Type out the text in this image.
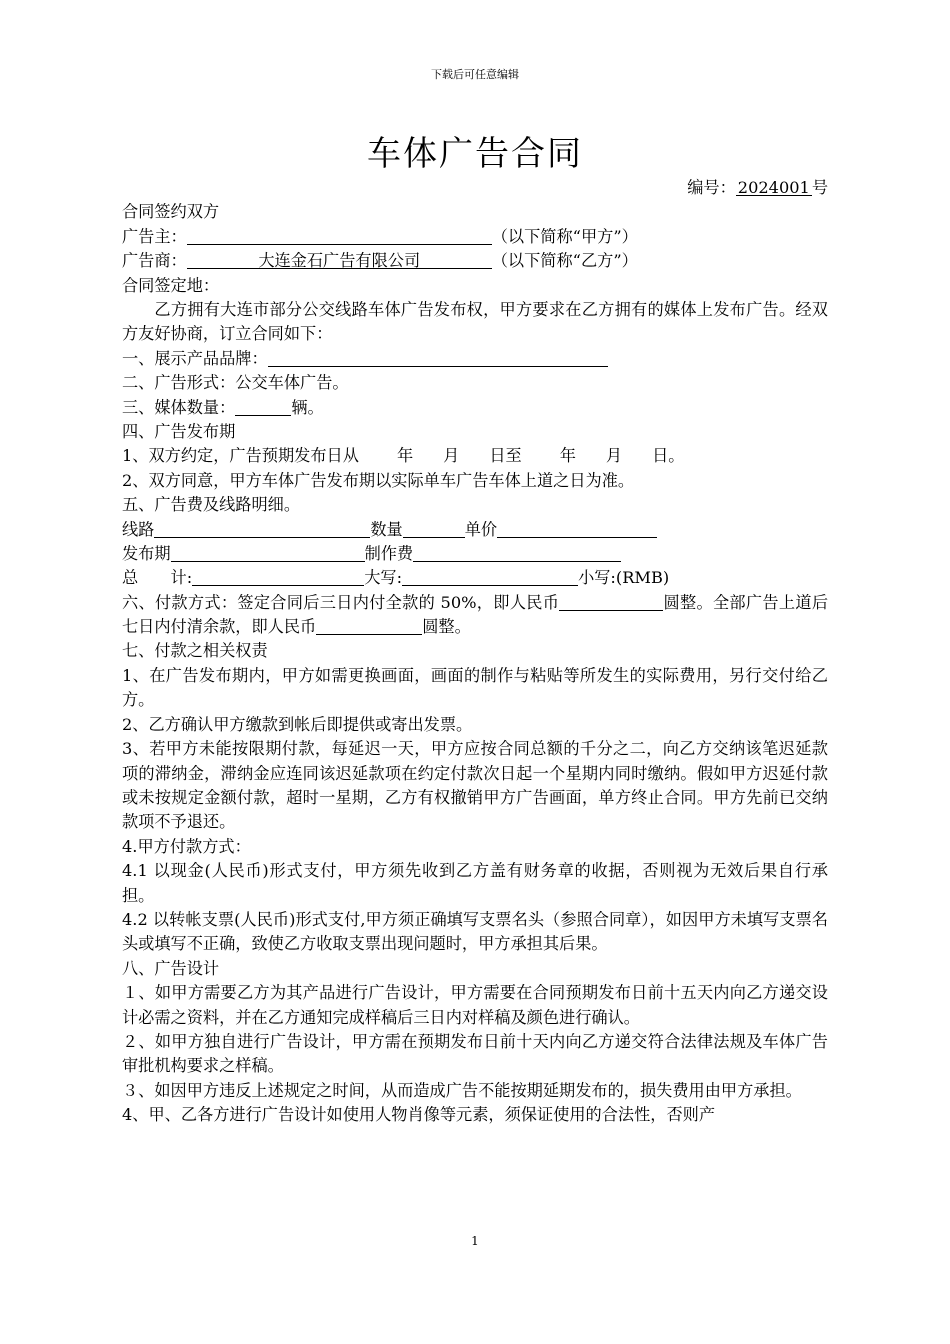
下载后可任意编辑
车体广告合同
编号： 2024001 号
合同签约双方
广告主：	（以下简称“甲方”）
广告商：	大连金石广告有限公司	（以下简称“乙方”）
合同签定地：
乙方拥有大连市部分公交线路车体广告发布权，甲方要求在乙方拥有的媒体上发布广告。经双方友好协商，订立合同如下：
一、展示产品品牌：
二、广告形式：公交车体广告。
三、媒体数量：	辆。
四、广告发布期
1、双方约定，广告预期发布日从 年 月 日至 年 月 日。
2、双方同意，甲方车体广告发布期以实际单车广告车体上道之日为准。
五、广告费及线路明细。
线路	数量	单价
发布期	制作费
总　　计:	大写:	小写:(RMB)
六、付款方式：签定合同后三日内付全款的 50%，即人民币	圆整。全部广告上道后七日内付清余款，即人民币	圆整。
七、付款之相关权责
1、在广告发布期内，甲方如需更换画面，画面的制作与粘贴等所发生的实际费用，另行交付给乙方。
2、乙方确认甲方缴款到帐后即提供或寄出发票。
3、若甲方未能按限期付款，每延迟一天，甲方应按合同总额的千分之二，向乙方交纳该笔迟延款项的滞纳金，滞纳金应连同该迟延款项在约定付款次日起一个星期内同时缴纳。假如甲方迟延付款或未按规定金额付款，超时一星期，乙方有权撤销甲方广告画面，单方终止合同。甲方先前已交纳款项不予退还。
4.甲方付款方式：
4.1 以现金(人民币)形式支付，甲方须先收到乙方盖有财务章的收据，否则视为无效后果自行承担。
4.2 以转帐支票(人民币)形式支付,甲方须正确填写支票名头（参照合同章），如因甲方未填写支票名头或填写不正确，致使乙方收取支票出现问题时，甲方承担其后果。
八、广告设计
１、如甲方需要乙方为其产品进行广告设计，甲方需要在合同预期发布日前十五天内向乙方递交设计必需之资料，并在乙方通知完成样稿后三日内对样稿及颜色进行确认。
２、如甲方独自进行广告设计，甲方需在预期发布日前十天内向乙方递交符合法律法规及车体广告审批机构要求之样稿。
３、如因甲方违反上述规定之时间，从而造成广告不能按期延期发布的，损失费用由甲方承担。
4、甲、乙各方进行广告设计如使用人物肖像等元素，须保证使用的合法性，否则产
1
